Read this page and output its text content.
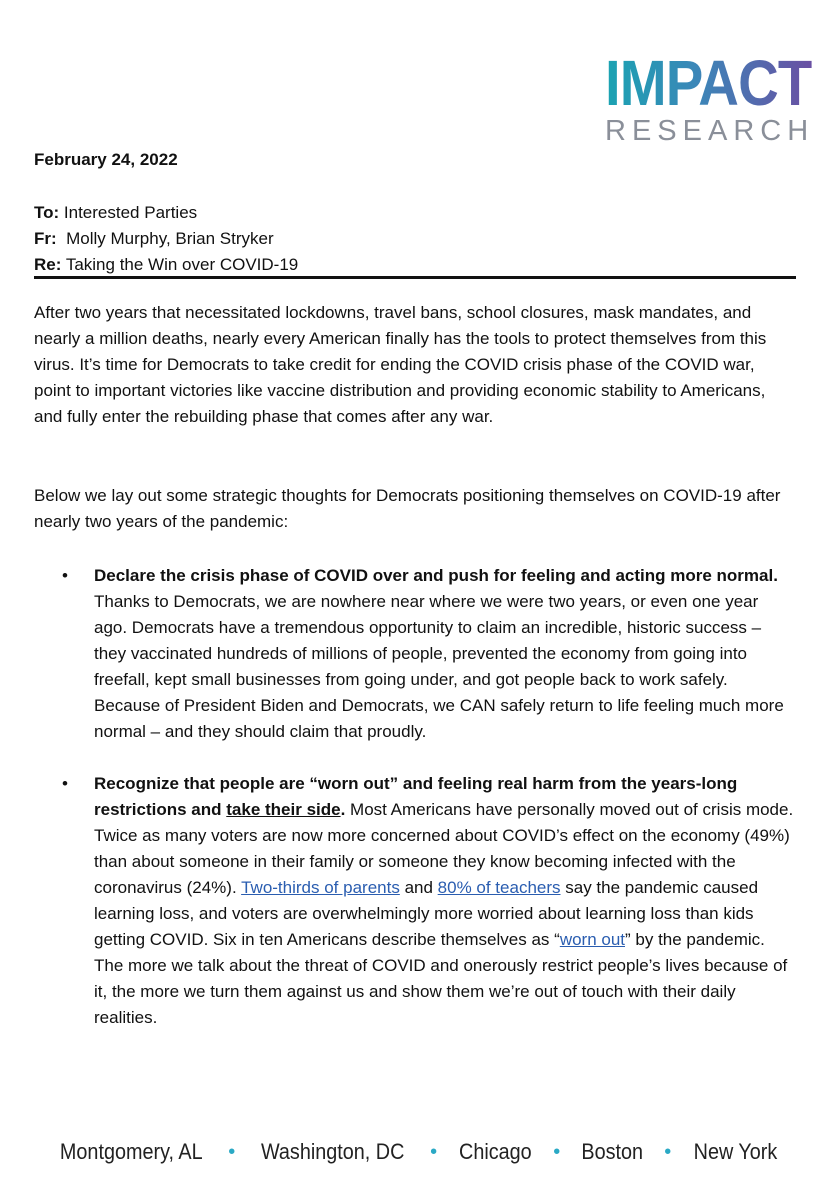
IMPACT
RESEARCH
February 24, 2022
To: Interested Parties
Fr: Molly Murphy, Brian Stryker
Re: Taking the Win over COVID-19

After two years that necessitated lockdowns, travel bans, school closures, mask mandates, and nearly a million deaths, nearly every American finally has the tools to protect themselves from this virus. It’s time for Democrats to take credit for ending the COVID crisis phase of the COVID war, point to important victories like vaccine distribution and providing economic stability to Americans, and fully enter the rebuilding phase that comes after any war.

Below we lay out some strategic thoughts for Democrats positioning themselves on COVID-19 after nearly two years of the pandemic:

• Declare the crisis phase of COVID over and push for feeling and acting more normal. Thanks to Democrats, we are nowhere near where we were two years, or even one year ago. Democrats have a tremendous opportunity to claim an incredible, historic success – they vaccinated hundreds of millions of people, prevented the economy from going into freefall, kept small businesses from going under, and got people back to work safely. Because of President Biden and Democrats, we CAN safely return to life feeling much more normal – and they should claim that proudly.
• Recognize that people are “worn out” and feeling real harm from the years-long restrictions and take their side. Most Americans have personally moved out of crisis mode. Twice as many voters are now more concerned about COVID’s effect on the economy (49%) than about someone in their family or someone they know becoming infected with the coronavirus (24%). Two-thirds of parents and 80% of teachers say the pandemic caused learning loss, and voters are overwhelmingly more worried about learning loss than kids getting COVID. Six in ten Americans describe themselves as “worn out” by the pandemic. The more we talk about the threat of COVID and onerously restrict people’s lives because of it, the more we turn them against us and show them we’re out of touch with their daily realities.
Montgomery, AL • Washington, DC • Chicago • Boston • New York
